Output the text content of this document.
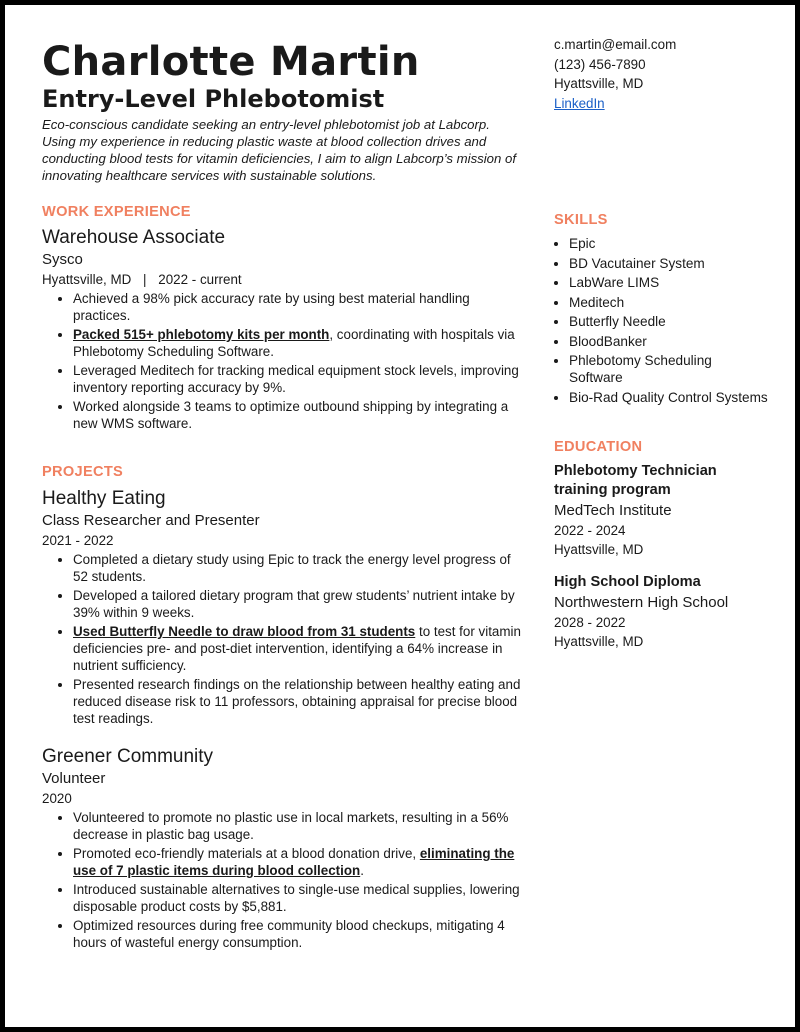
Charlotte Martin
Entry-Level Phlebotomist

Eco-conscious candidate seeking an entry-level phlebotomist job at Labcorp. Using my experience in reducing plastic waste at blood collection drives and conducting blood tests for vitamin deficiencies, I aim to align Labcorp’s mission of innovating healthcare services with sustainable solutions.

WORK EXPERIENCE
Warehouse Associate
Sysco
Hyattsville, MD | 2022 - current
• Achieved a 98% pick accuracy rate by using best material handling practices.
• Packed 515+ phlebotomy kits per month, coordinating with hospitals via Phlebotomy Scheduling Software.
• Leveraged Meditech for tracking medical equipment stock levels, improving inventory reporting accuracy by 9%.
• Worked alongside 3 teams to optimize outbound shipping by integrating a new WMS software.
PROJECTS
Healthy Eating
Class Researcher and Presenter
2021 - 2022
• Completed a dietary study using Epic to track the energy level progress of 52 students.
• Developed a tailored dietary program that grew students’ nutrient intake by 39% within 9 weeks.
• Used Butterfly Needle to draw blood from 31 students to test for vitamin deficiencies pre- and post-diet intervention, identifying a 64% increase in nutrient sufficiency.
• Presented research findings on the relationship between healthy eating and reduced disease risk to 11 professors, obtaining appraisal for precise blood test readings.
Greener Community
Volunteer
2020
• Volunteered to promote no plastic use in local markets, resulting in a 56% decrease in plastic bag usage.
• Promoted eco-friendly materials at a blood donation drive, eliminating the use of 7 plastic items during blood collection.
• Introduced sustainable alternatives to single-use medical supplies, lowering disposable product costs by $5,881.
• Optimized resources during free community blood checkups, mitigating 4 hours of wasteful energy consumption.
c.martin@email.com
(123) 456-7890
Hyattsville, MD
LinkedIn
SKILLS
• Epic
• BD Vacutainer System
• LabWare LIMS
• Meditech
• Butterfly Needle
• BloodBanker
• Phlebotomy Scheduling Software
• Bio-Rad Quality Control Systems
EDUCATION
Phlebotomy Technician training program
MedTech Institute
2022 - 2024
Hyattsville, MD
High School Diploma
Northwestern High School
2028 - 2022
Hyattsville, MD
